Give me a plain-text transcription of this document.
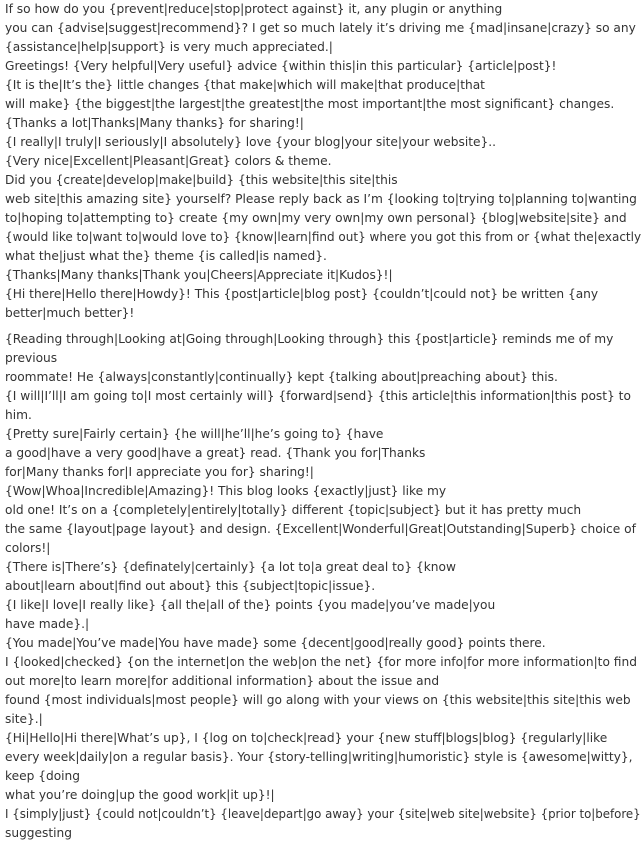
If so how do you {prevent|reduce|stop|protect against} it, any plugin or anything
you can {advise|suggest|recommend}? I get so much lately it’s driving me {mad|insane|crazy} so any
{assistance|help|support} is very much appreciated.|
Greetings! {Very helpful|Very useful} advice {within this|in this particular} {article|post}!
{It is the|It’s the} little changes {that make|which will make|that produce|that
will make} {the biggest|the largest|the greatest|the most important|the most significant} changes.
{Thanks a lot|Thanks|Many thanks} for sharing!|
{I really|I truly|I seriously|I absolutely} love {your blog|your site|your website}..
{Very nice|Excellent|Pleasant|Great} colors & theme.
Did you {create|develop|make|build} {this website|this site|this
web site|this amazing site} yourself? Please reply back as I’m {looking to|trying to|planning to|wanting
to|hoping to|attempting to} create {my own|my very own|my own personal} {blog|website|site} and
{would like to|want to|would love to} {know|learn|find out} where you got this from or {what the|exactly
what the|just what the} theme {is called|is named}.
{Thanks|Many thanks|Thank you|Cheers|Appreciate it|Kudos}!|
{Hi there|Hello there|Howdy}! This {post|article|blog post} {couldn’t|could not} be written {any
better|much better}!
{Reading through|Looking at|Going through|Looking through} this {post|article} reminds me of my
previous
roommate! He {always|constantly|continually} kept {talking about|preaching about} this.
{I will|I’ll|I am going to|I most certainly will} {forward|send} {this article|this information|this post} to
him.
{Pretty sure|Fairly certain} {he will|he’ll|he’s going to} {have
a good|have a very good|have a great} read. {Thank you for|Thanks
for|Many thanks for|I appreciate you for} sharing!|
{Wow|Whoa|Incredible|Amazing}! This blog looks {exactly|just} like my
old one! It’s on a {completely|entirely|totally} different {topic|subject} but it has pretty much
the same {layout|page layout} and design. {Excellent|Wonderful|Great|Outstanding|Superb} choice of
colors!|
{There is|There’s} {definately|certainly} {a lot to|a great deal to} {know
about|learn about|find out about} this {subject|topic|issue}.
{I like|I love|I really like} {all the|all of the} points {you made|you’ve made|you
have made}.|
{You made|You’ve made|You have made} some {decent|good|really good} points there.
I {looked|checked} {on the internet|on the web|on the net} {for more info|for more information|to find
out more|to learn more|for additional information} about the issue and
found {most individuals|most people} will go along with your views on {this website|this site|this web
site}.|
{Hi|Hello|Hi there|What’s up}, I {log on to|check|read} your {new stuff|blogs|blog} {regularly|like
every week|daily|on a regular basis}. Your {story-telling|writing|humoristic} style is {awesome|witty},
keep {doing
what you’re doing|up the good work|it up}!|
I {simply|just} {could not|couldn’t} {leave|depart|go away} your {site|web site|website} {prior to|before}
suggesting
